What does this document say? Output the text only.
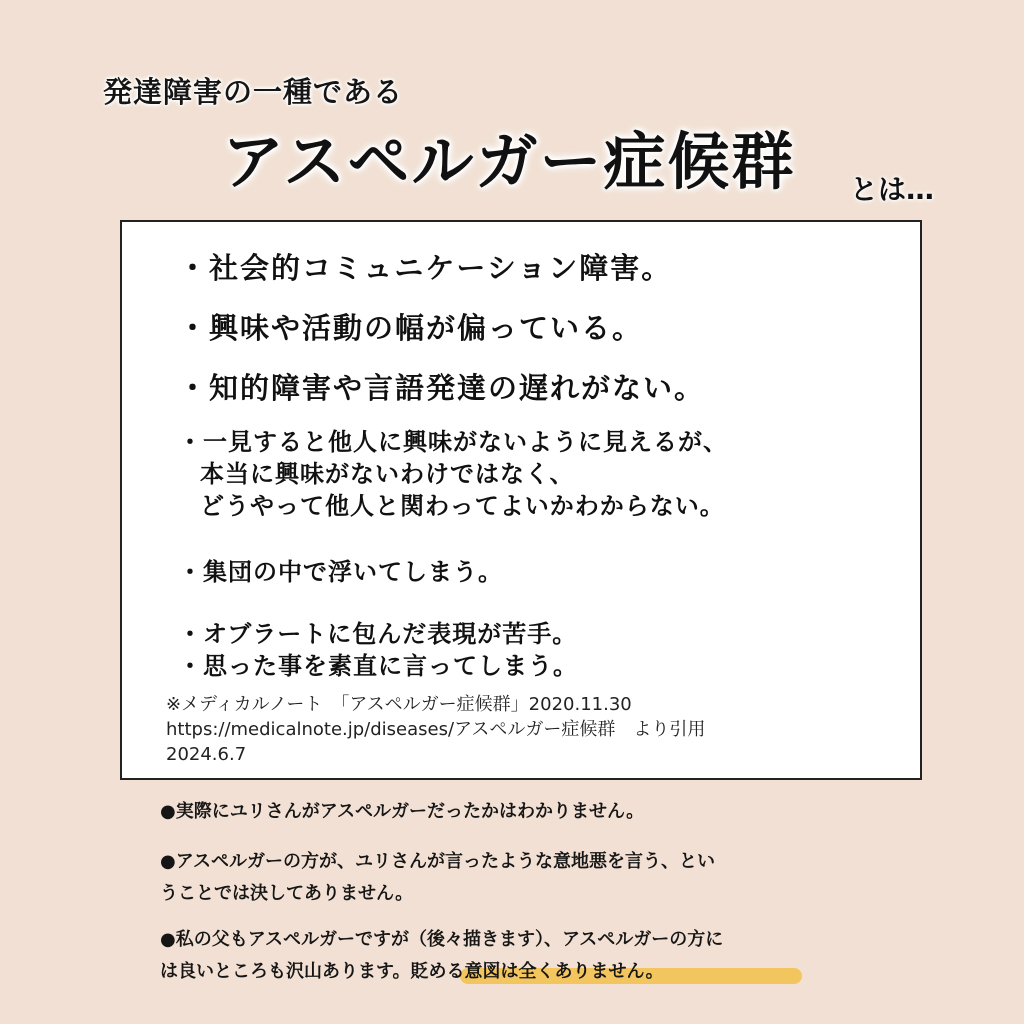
発達障害の一種である
アスペルガー症候群 とは…
・社会的コミュニケーション障害。
・興味や活動の幅が偏っている。
・知的障害や言語発達の遅れがない。
・一見すると他人に興味がないように見えるが、
本当に興味がないわけではなく、
どうやって他人と関わってよいかわからない。
・集団の中で浮いてしまう。
・オブラートに包んだ表現が苦手。
・思った事を素直に言ってしまう。
※メディカルノート　「アスペルガー症候群」2020.11.30
https://medicalnote.jp/diseases/アスペルガー症候群　より引用
2024.6.7
●実際にユリさんがアスペルガーだったかはわかりません。
●アスペルガーの方が、ユリさんが言ったような意地悪を言う、とい
うことでは決してありません。
●私の父もアスペルガーですが（後々描きます）、アスペルガーの方に
は良いところも沢山あります。貶める意図は全くありません。
